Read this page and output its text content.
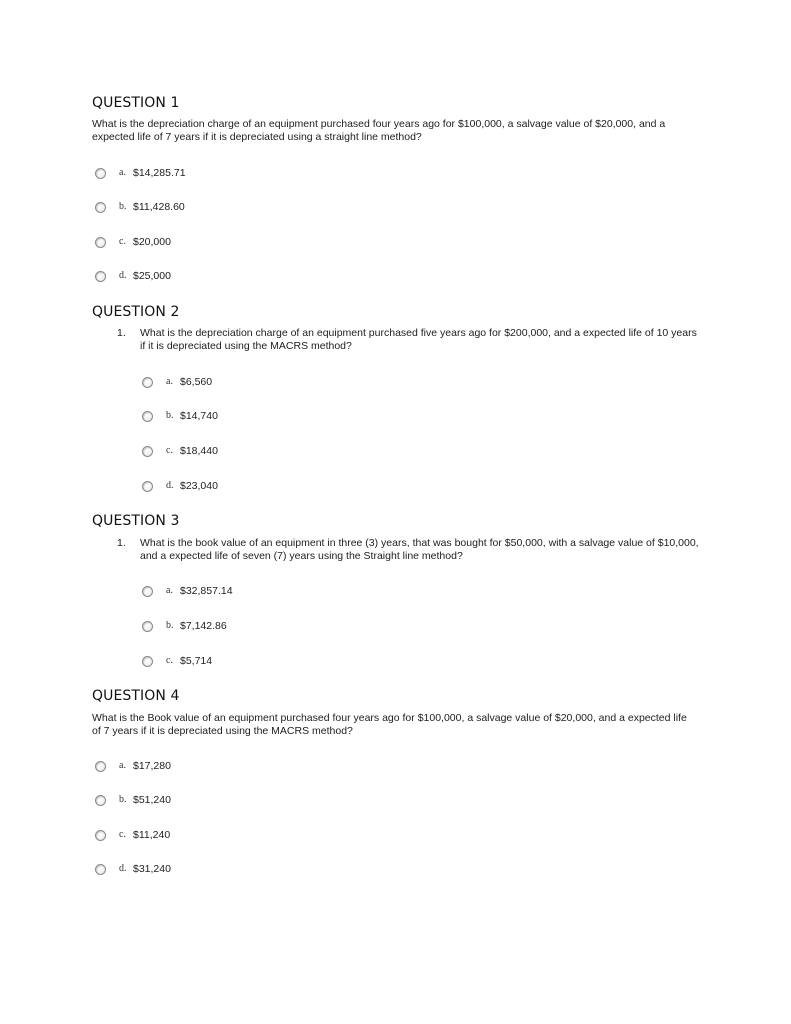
QUESTION 1
What is the depreciation charge of an equipment purchased four years ago for $100,000, a salvage value of $20,000, and a expected life of 7 years if it is depreciated using a straight line method?
a. $14,285.71
b. $11,428.60
c. $20,000
d. $25,000
QUESTION 2
1. What is the depreciation charge of an equipment purchased five years ago for $200,000, and a expected life of 10 years if it is depreciated using the MACRS method?
a. $6,560
b. $14,740
c. $18,440
d. $23,040
QUESTION 3
1. What is the book value of an equipment in three (3) years, that was bought for $50,000, with a salvage value of $10,000, and a expected life of seven (7) years using the Straight line method?
a. $32,857.14
b. $7,142.86
c. $5,714
QUESTION 4
What is the Book value of an equipment purchased four years ago for $100,000, a salvage value of $20,000, and a expected life of 7 years if it is depreciated using the MACRS method?
a. $17,280
b. $51,240
c. $11,240
d. $31,240
